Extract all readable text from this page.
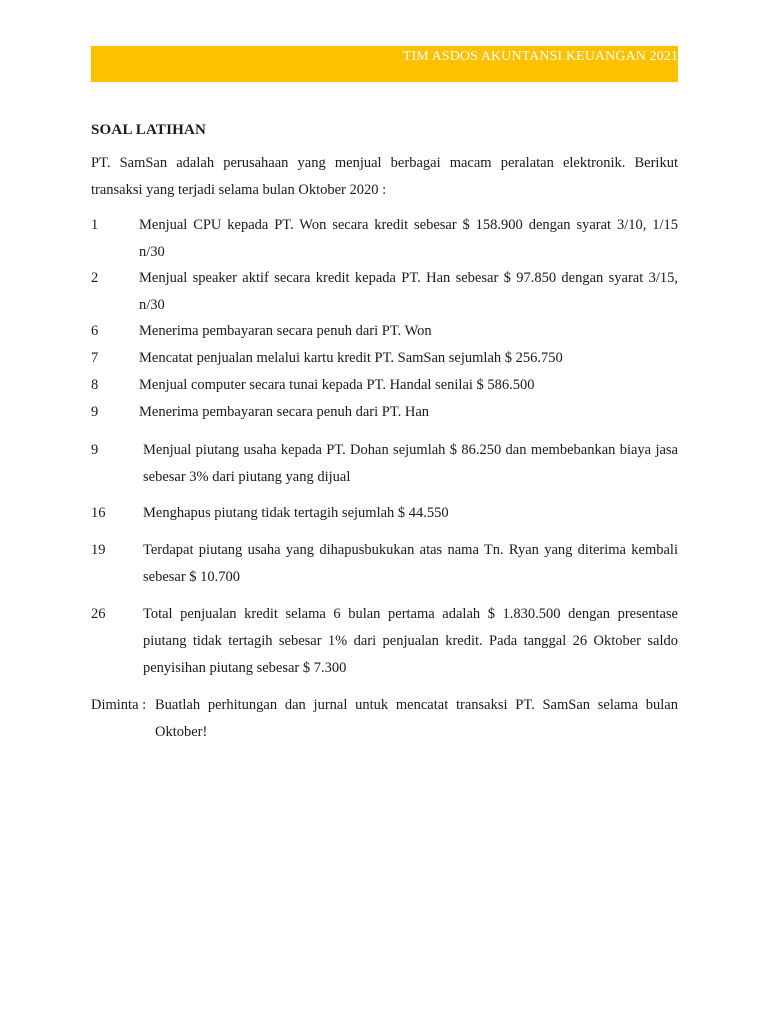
TIM ASDOS AKUNTANSI KEUANGAN 2021
SOAL LATIHAN
PT. SamSan adalah perusahaan yang menjual berbagai macam peralatan elektronik. Berikut transaksi yang terjadi selama bulan Oktober 2020 :
1	Menjual CPU kepada PT. Won secara kredit sebesar $ 158.900 dengan syarat 3/10, 1/15 n/30
2	Menjual speaker aktif secara kredit kepada PT. Han sebesar $ 97.850 dengan syarat 3/15, n/30
6	Menerima pembayaran secara penuh dari PT. Won
7	Mencatat penjualan melalui kartu kredit PT. SamSan sejumlah $ 256.750
8	Menjual computer secara tunai kepada PT. Handal senilai $ 586.500
9	Menerima pembayaran secara penuh dari PT. Han
9	Menjual piutang usaha kepada PT. Dohan sejumlah $ 86.250 dan membebankan biaya jasa sebesar 3% dari piutang yang dijual
16	Menghapus piutang tidak tertagih sejumlah $ 44.550
19	Terdapat piutang usaha yang dihapusbukukan atas nama Tn. Ryan yang diterima kembali sebesar $ 10.700
26	Total penjualan kredit selama 6 bulan pertama adalah $ 1.830.500 dengan presentase piutang tidak tertagih sebesar 1% dari penjualan kredit. Pada tanggal 26 Oktober saldo penyisihan piutang sebesar $ 7.300
Diminta : Buatlah perhitungan dan jurnal untuk mencatat transaksi PT. SamSan selama bulan Oktober!
